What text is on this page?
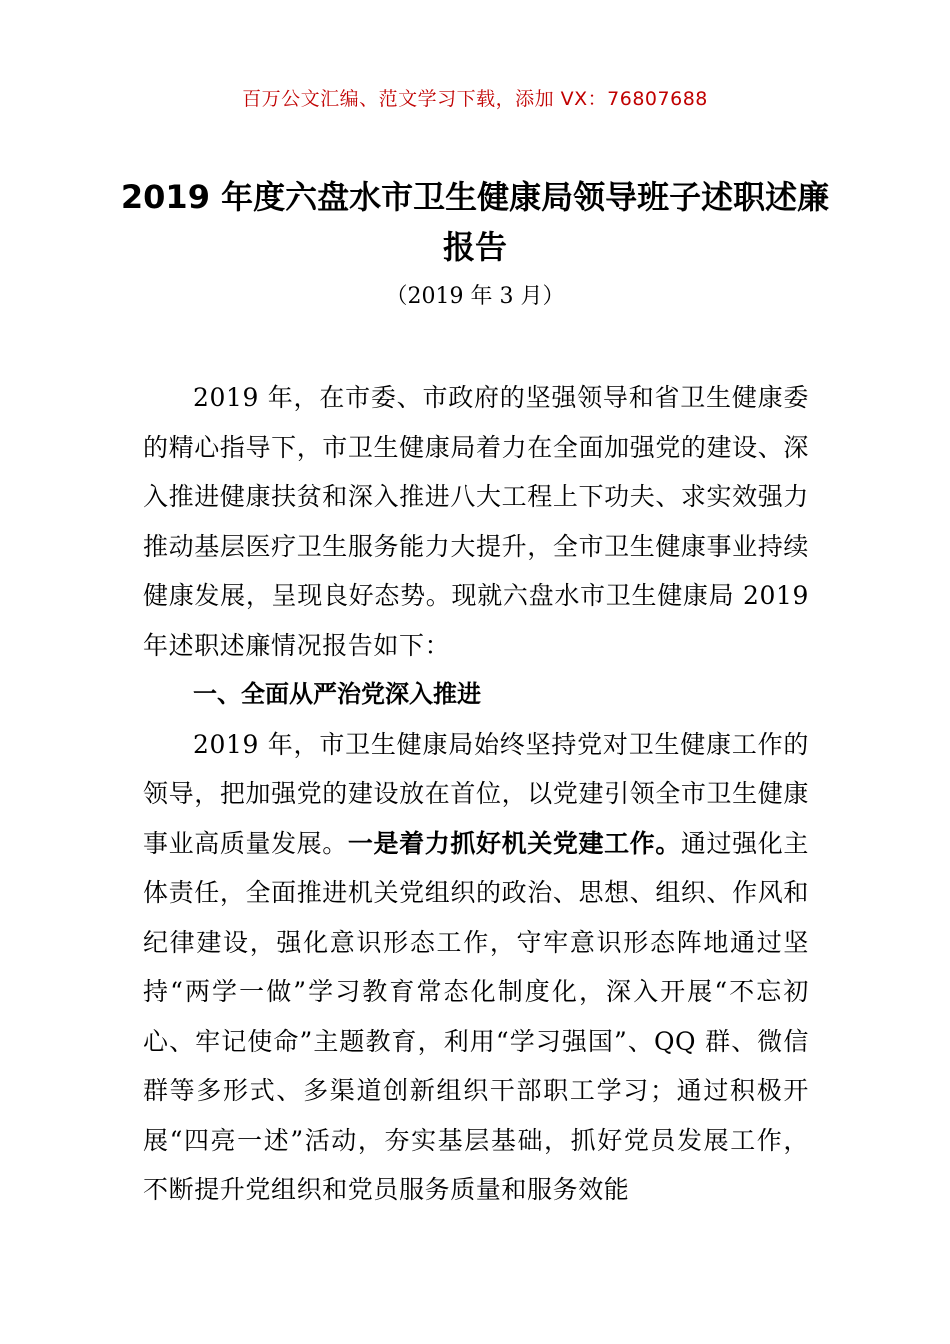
百万公文汇编、范文学习下载，添加 VX：76807688
2019 年度六盘水市卫生健康局领导班子述职述廉报告
（2019 年 3 月）

2019 年，在市委、市政府的坚强领导和省卫生健康委的精心指导下，市卫生健康局着力在全面加强党的建设、深入推进健康扶贫和深入推进八大工程上下功夫、求实效强力推动基层医疗卫生服务能力大提升，全市卫生健康事业持续健康发展，呈现良好态势。现就六盘水市卫生健康局 2019 年述职述廉情况报告如下：

一、全面从严治党深入推进

2019 年，市卫生健康局始终坚持党对卫生健康工作的领导，把加强党的建设放在首位，以党建引领全市卫生健康事业高质量发展。一是着力抓好机关党建工作。通过强化主体责任，全面推进机关党组织的政治、思想、组织、作风和纪律建设，强化意识形态工作，守牢意识形态阵地通过坚持“两学一做”学习教育常态化制度化，深入开展“不忘初心、牢记使命”主题教育，利用“学习强国”、QQ 群、微信群等多形式、多渠道创新组织干部职工学习；通过积极开展“四亮一述”活动，夯实基层基础，抓好党员发展工作，不断提升党组织和党员服务质量和服务效能
